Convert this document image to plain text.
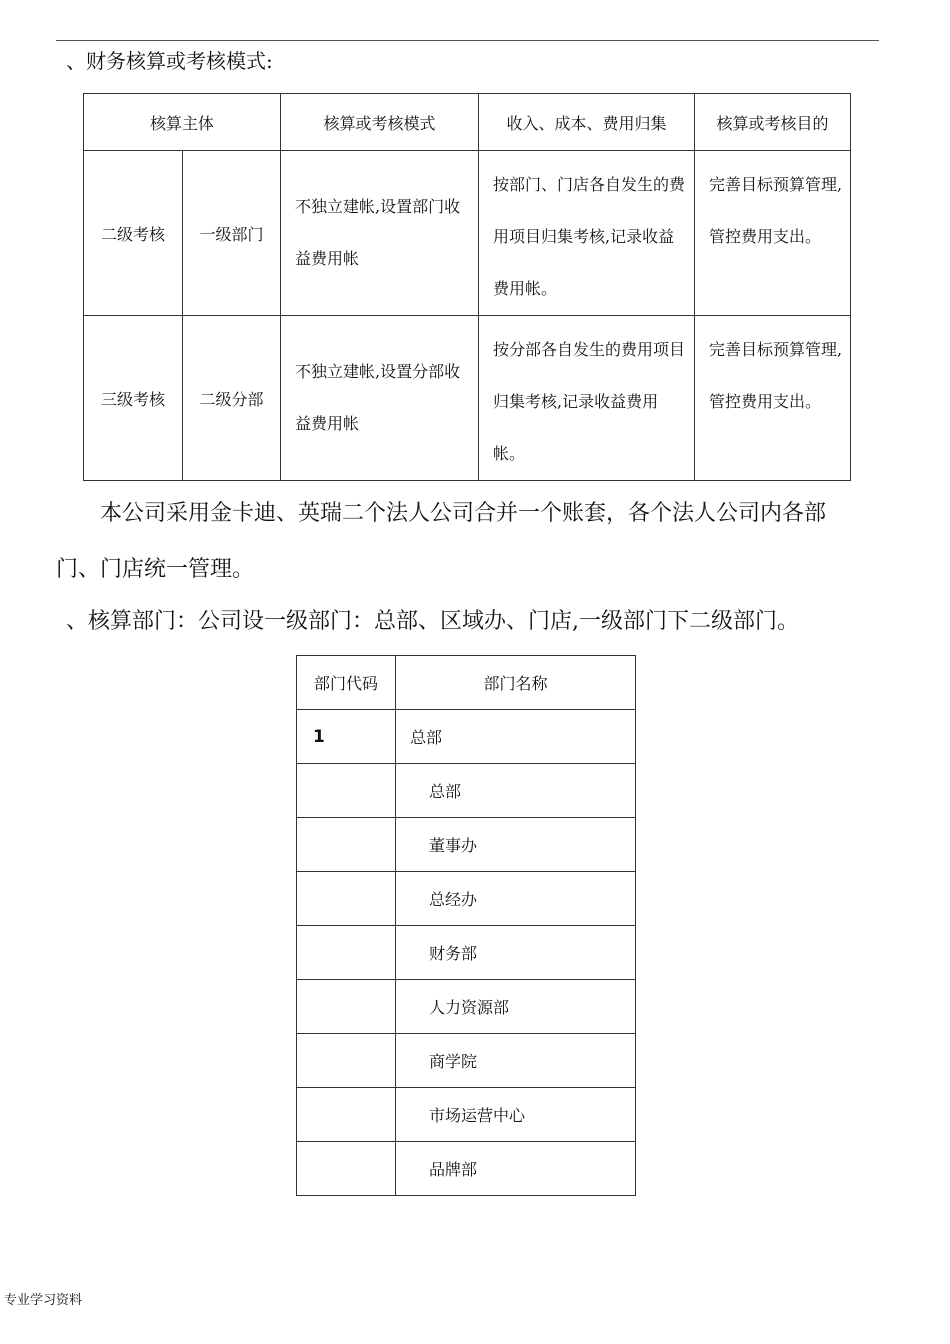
、财务核算或考核模式:
核算主体		核算或考核模式	收入、成本、费用归集	核算或考核目的
二级考核	一级部门	不独立建帐,设置部门收益费用帐	按部门、门店各自发生的费用项目归集考核,记录收益费用帐。	完善目标预算管理,管控费用支出。
三级考核	二级分部	不独立建帐,设置分部收益费用帐	按分部各自发生的费用项目归集考核,记录收益费用帐。	完善目标预算管理,管控费用支出。
本公司采用金卡迪、英瑞二个法人公司合并一个账套，各个法人公司内各部门、门店统一管理。
、核算部门：公司设一级部门：总部、区域办、门店,一级部门下二级部门。
部门代码	部门名称
1	总部
	总部
	董事办
	总经办
	财务部
	人力资源部
	商学院
	市场运营中心
	品牌部
专业学习资料
